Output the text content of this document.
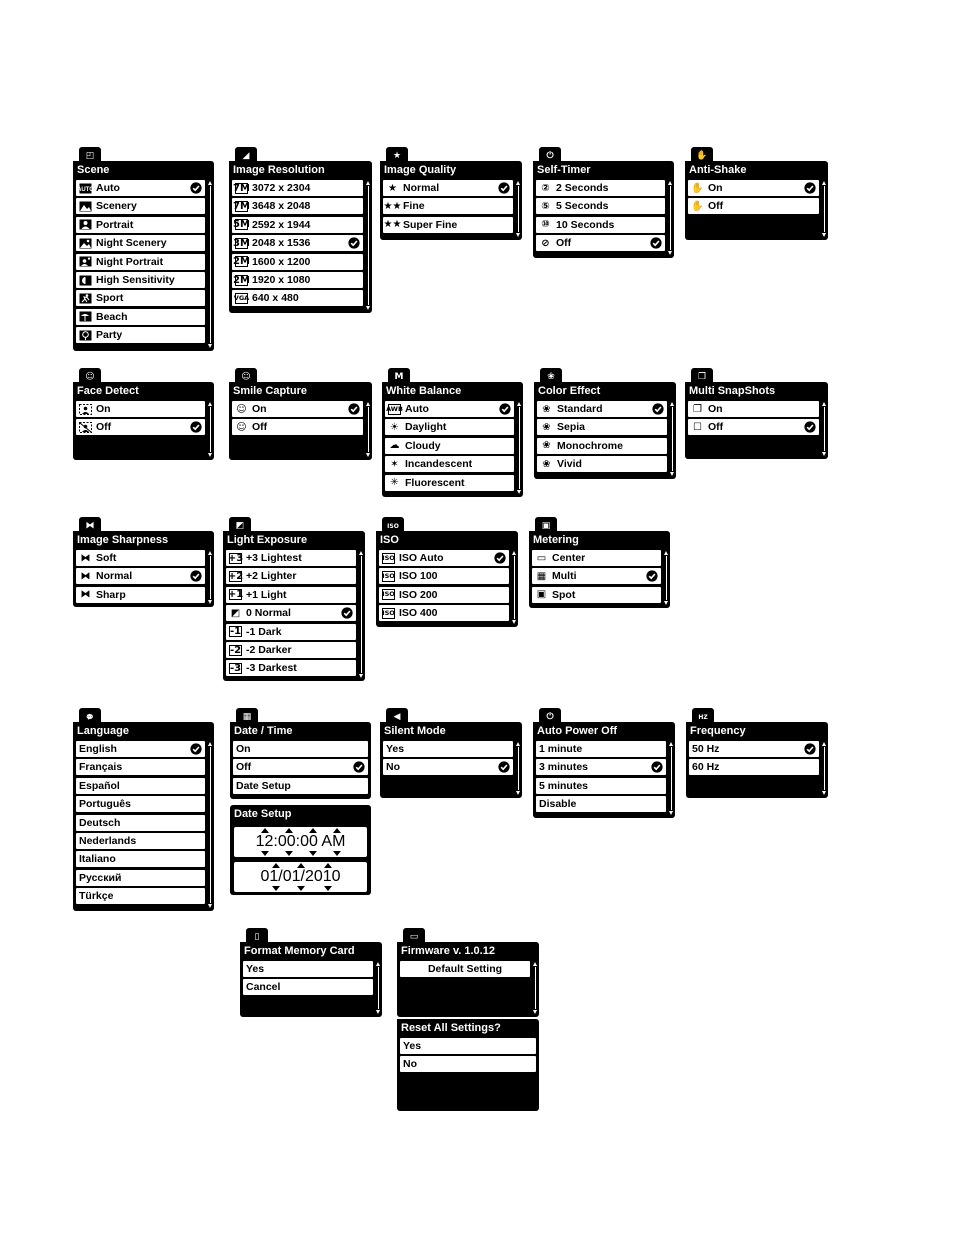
◰
Scene
AUTO Auto
Scenery
Portrait
Night Scenery
Night Portrait
High Sensitivity
Sport
Beach
Party
◢
Image Resolution
7M 3072 x 2304
7M 3648 x 2048
5M 2592 x 1944
3M 2048 x 1536
2M 1600 x 1200
2M 1920 x 1080
VGA 640 x 480
★
Image Quality
★ Normal
★★ Fine
★★ Super Fine
⏻
Self-Timer
② 2 Seconds
⑤ 5 Seconds
⑩ 10 Seconds
⊘ Off
✋
Anti-Shake
✋ On
✋ Off
☺
Face Detect
On
Off
☺
Smile Capture
☺ On
☺ Off
M
White Balance
AWB Auto
☀ Daylight
☁ Cloudy
✶ Incandescent
✳ Fluorescent
❀
Color Effect
❀ Standard
❀ Sepia
❀ Monochrome
❀ Vivid
❐
Multi SnapShots
❐ On
☐ Off
⧓
Image Sharpness
⧓ Soft
⧓ Normal
⧓ Sharp
◩
Light Exposure
+3 +3 Lightest
+2 +2 Lighter
+1 +1 Light
◩ 0 Normal
-1 -1 Dark
-2 -2 Darker
-3 -3 Darkest
ISO
ISO
ISO ISO Auto
ISO ISO 100
ISO ISO 200
ISO ISO 400
▣
Metering
▭ Center
▦ Multi
▣ Spot
💬
Language
English
Français
Español
Português
Deutsch
Nederlands
Italiano
Русский
Türkçe
▦
Date / Time
On
Off
Date Setup
◀
Silent Mode
Yes
No
⏻
Auto Power Off
1 minute
3 minutes
5 minutes
Disable
HZ
Frequency
50 Hz
60 Hz
▯
Format Memory Card
Yes
Cancel
▭
Firmware v. 1.0.12
Default Setting
Reset All Settings?
Yes
No
Date Setup
12:00:00 AM
01/01/2010
